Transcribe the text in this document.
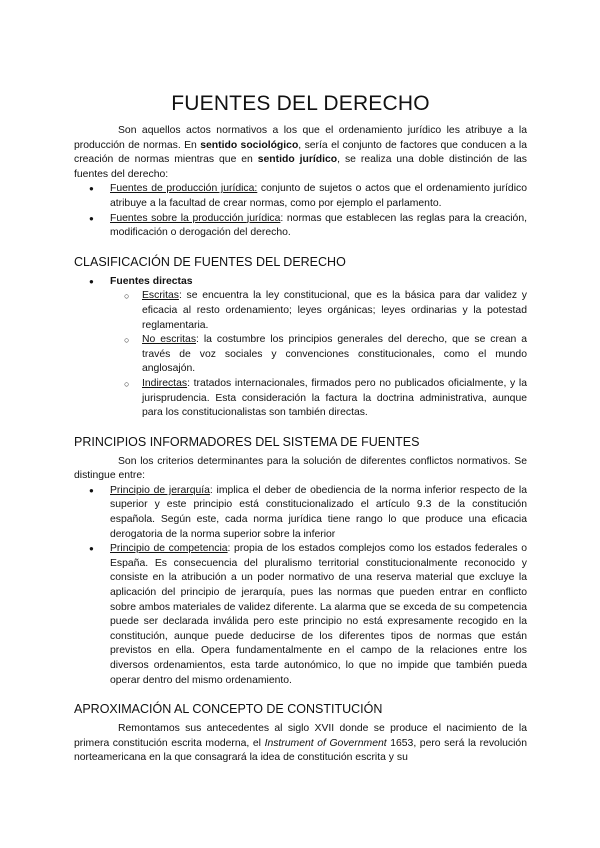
FUENTES DEL DERECHO

Son aquellos actos normativos a los que el ordenamiento jurídico les atribuye a la producción de normas. En sentido sociológico, sería el conjunto de factores que conducen a la creación de normas mientras que en sentido jurídico, se realiza una doble distinción de las fuentes del derecho:

● Fuentes de producción jurídica: conjunto de sujetos o actos que el ordenamiento jurídico atribuye a la facultad de crear normas, como por ejemplo el parlamento.
● Fuentes sobre la producción jurídica: normas que establecen las reglas para la creación, modificación o derogación del derecho.
CLASIFICACIÓN DE FUENTES DEL DERECHO
● Fuentes directas
○ Escritas: se encuentra la ley constitucional, que es la básica para dar validez y eficacia al resto ordenamiento; leyes orgánicas; leyes ordinarias y la potestad reglamentaria.
○ No escritas: la costumbre los principios generales del derecho, que se crean a través de voz sociales y convenciones constitucionales, como el mundo anglosajón.
○ Indirectas: tratados internacionales, firmados pero no publicados oficialmente, y la jurisprudencia. Esta consideración la factura la doctrina administrativa, aunque para los constitucionalistas son también directas.
PRINCIPIOS INFORMADORES DEL SISTEMA DE FUENTES

Son los criterios determinantes para la solución de diferentes conflictos normativos. Se distingue entre:

● Principio de jerarquía: implica el deber de obediencia de la norma inferior respecto de la superior y este principio está constitucionalizado el artículo 9.3 de la constitución española. Según este, cada norma jurídica tiene rango lo que produce una eficacia derogatoria de la norma superior sobre la inferior
● Principio de competencia: propia de los estados complejos como los estados federales o España. Es consecuencia del pluralismo territorial constitucionalmente reconocido y consiste en la atribución a un poder normativo de una reserva material que excluye la aplicación del principio de jerarquía, pues las normas que pueden entrar en conflicto sobre ambos materiales de validez diferente. La alarma que se exceda de su competencia puede ser declarada inválida pero este principio no está expresamente recogido en la constitución, aunque puede deducirse de los diferentes tipos de normas que están previstos en ella. Opera fundamentalmente en el campo de la relaciones entre los diversos ordenamientos, esta tarde autonómico, lo que no impide que también pueda operar dentro del mismo ordenamiento.
APROXIMACIÓN AL CONCEPTO DE CONSTITUCIÓN

Remontamos sus antecedentes al siglo XVII donde se produce el nacimiento de la primera constitución escrita moderna, el Instrument of Government 1653, pero será la revolución norteamericana en la que consagrará la idea de constitución escrita y su
